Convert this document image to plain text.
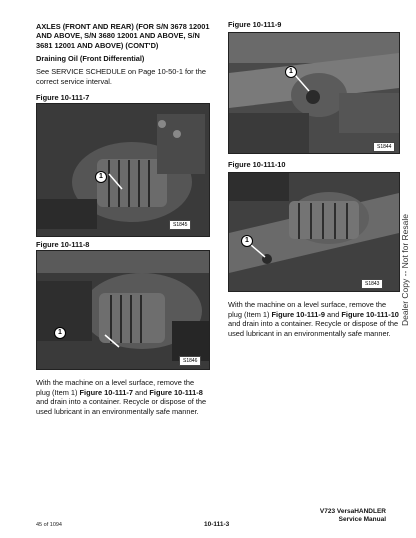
AXLES (FRONT AND REAR) (FOR S/N 3678 12001 AND ABOVE, S/N 3680 12001 AND ABOVE, S/N 3681 12001 AND ABOVE) (CONT'D)
Draining Oil (Front Differential)
See SERVICE SCHEDULE on Page 10-50-1 for the correct service interval.
Figure 10-111-7
1
S1845
Figure 10-111-8
1
S1846
With the machine on a level surface, remove the plug (Item 1) Figure 10-111-7 and Figure 10-111-8 and drain into a container. Recycle or dispose of the used lubricant in an environmentally safe manner.
Figure 10-111-9
1
S1844
Figure 10-111-10
1
S1843
With the machine on a level surface, remove the plug (Item 1) Figure 10-111-9 and Figure 10-111-10 and drain into a container. Recycle or dispose of the used lubricant in an environmentally safe manner.
Dealer Copy -- Not for Resale
45 of 1094	10-111-3
V723 VersaHANDLER
Service Manual
